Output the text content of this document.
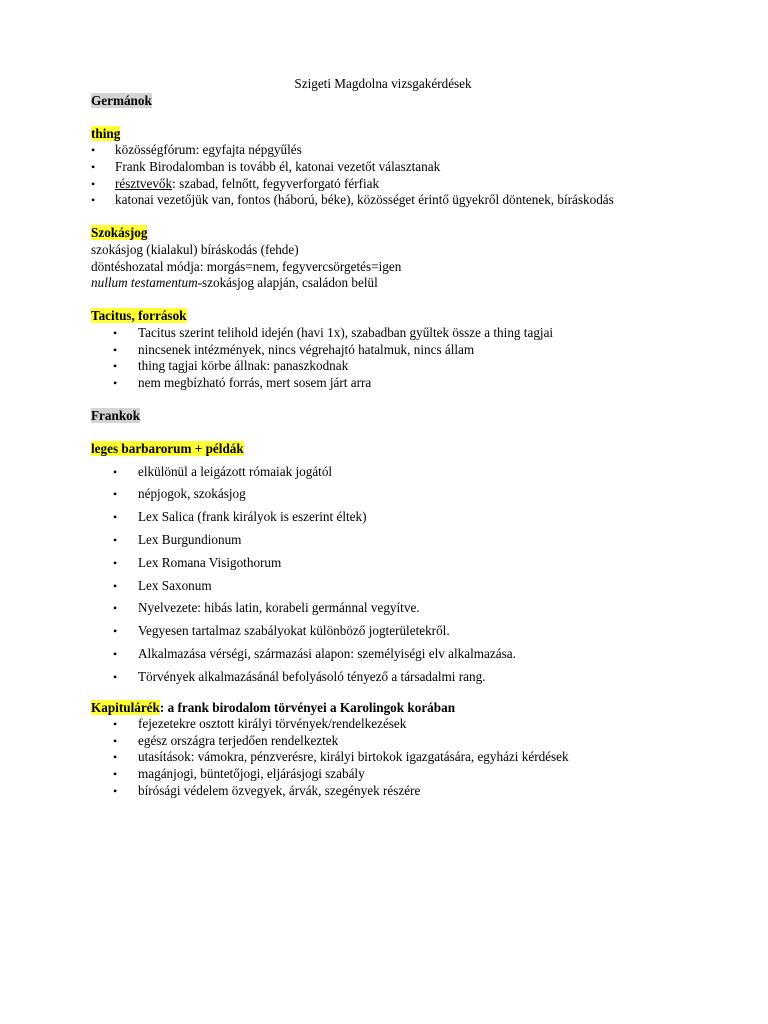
Szigeti Magdolna vizsgakérdések

Germánok
thing
• közösségfórum: egyfajta népgyűlés
• Frank Birodalomban is tovább él, katonai vezetőt választanak
• résztvevők: szabad, felnőtt, fegyverforgató férfiak
• katonai vezetőjük van, fontos (háború, béke), közösséget érintő ügyekről döntenek, bíráskodás
Szokásjog
szokásjog (kialakul) bíráskodás (fehde)
döntéshozatal módja: morgás=nem, fegyvercsörgetés=igen
nullum testamentum-szokásjog alapján, családon belül
Tacitus, források
• Tacitus szerint telihold idején (havi 1x), szabadban gyűltek össze a thing tagjai
• nincsenek intézmények, nincs végrehajtó hatalmuk, nincs állam
• thing tagjai körbe állnak: panaszkodnak
• nem megbízható forrás, mert sosem járt arra
Frankok
leges barbarorum + példák
• elkülönül a leigázott rómaiak jogától
• népjogok, szokásjog
• Lex Salica (frank királyok is eszerint éltek)
• Lex Burgundionum
• Lex Romana Visigothorum
• Lex Saxonum
• Nyelvezete: hibás latin, korabeli germánnal vegyítve.
• Vegyesen tartalmaz szabályokat különböző jogterületekről.
• Alkalmazása vérségi, származási alapon: személyiségi elv alkalmazása.
• Törvények alkalmazásánál befolyásoló tényező a társadalmi rang.
Kapitulárék: a frank birodalom törvényei a Karolingok korában
• fejezetekre osztott királyi törvények/rendelkezések
• egész országra terjedően rendelkeztek
• utasítások: vámokra, pénzverésre, királyi birtokok igazgatására, egyházi kérdések
• magánjogi, büntetőjogi, eljárásjogi szabály
• bírósági védelem özvegyek, árvák, szegények részére
